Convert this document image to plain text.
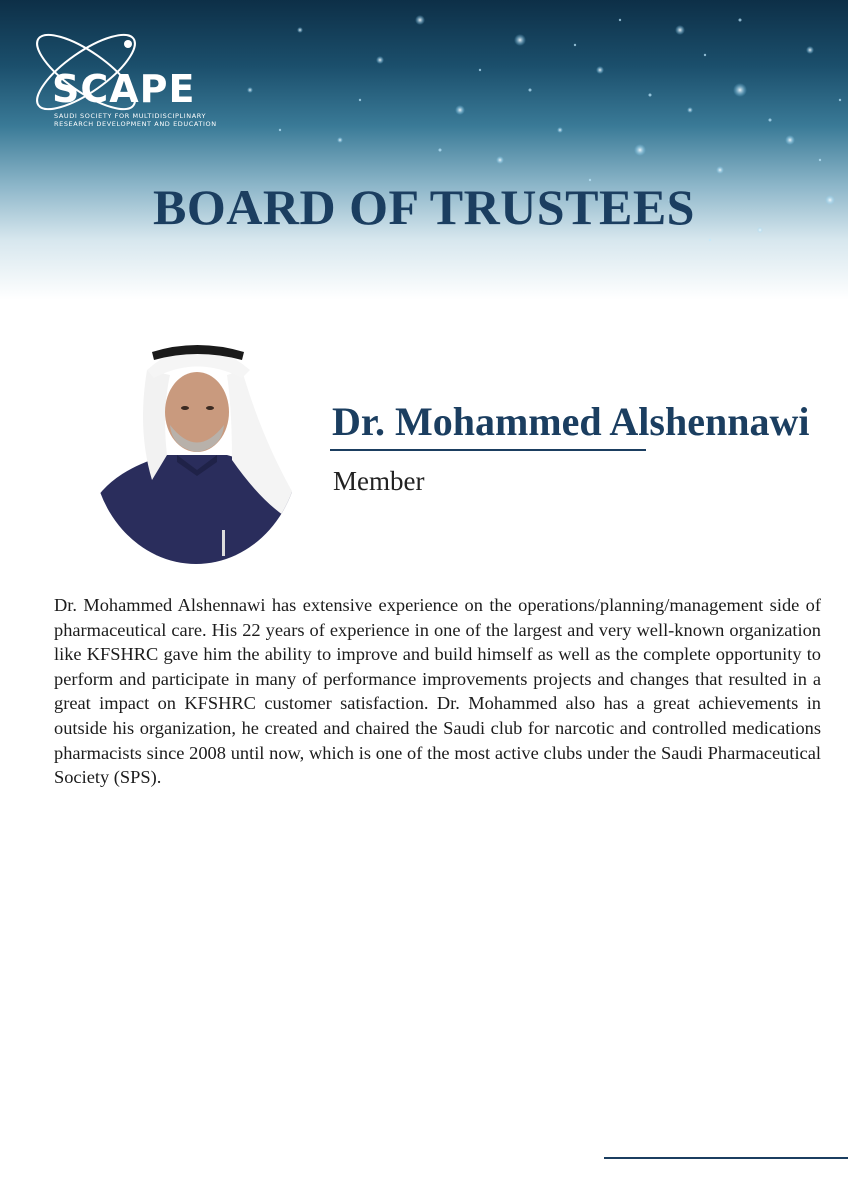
SCAPE
SAUDI SOCIETY FOR MULTIDISCIPLINARY
RESEARCH DEVELOPMENT AND EDUCATION
BOARD OF TRUSTEES
Dr. Mohammed Alshennawi
Member

Dr. Mohammed Alshennawi has extensive experience on the operations/planning/management side of pharmaceutical care. His 22 years of experience in one of the largest and very well-known organization like KFSHRC gave him the ability to improve and build himself as well as the complete opportunity to perform and participate in many of performance improvements projects and changes that resulted in a great impact on KFSHRC customer satisfaction. Dr. Mohammed also has a great achievements in outside his organization, he created and chaired the Saudi club for narcotic and controlled medications pharmacists since 2008 until now, which is one of the most active clubs under the Saudi Pharmaceutical Society (SPS).
